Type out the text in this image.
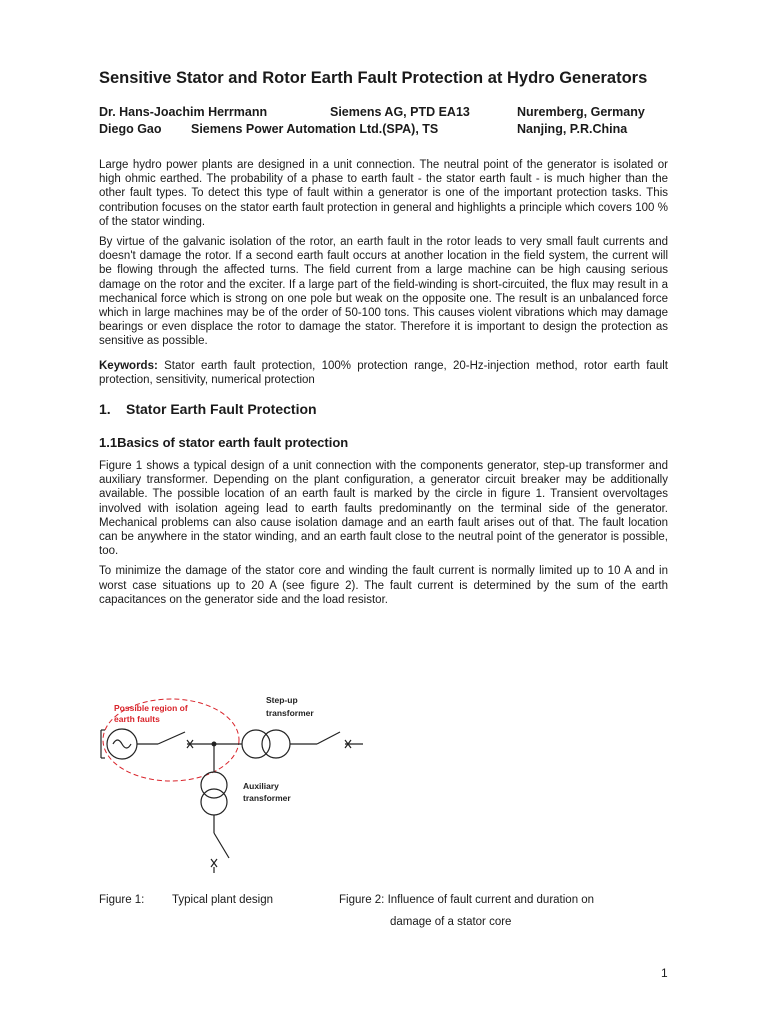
Sensitive Stator and Rotor Earth Fault Protection at Hydro Generators
Dr. Hans-Joachim Herrmann	Siemens AG, PTD EA13	Nuremberg, Germany
Diego Gao	Siemens Power Automation Ltd.(SPA), TS	Nanjing, P.R.China

Large hydro power plants are designed in a unit connection. The neutral point of the generator is isolated or high ohmic earthed. The probability of a phase to earth fault - the stator earth fault - is much higher than the other fault types. To detect this type of fault within a generator is one of the important protection tasks. This contribution focuses on the stator earth fault protection in general and highlights a principle which covers 100 % of the stator winding.

By virtue of the galvanic isolation of the rotor, an earth fault in the rotor leads to very small fault currents and doesn't damage the rotor. If a second earth fault occurs at another location in the field system, the current will be flowing through the affected turns. The field current from a large machine can be high causing serious damage on the rotor and the exciter. If a large part of the field-winding is short-circuited, the flux may result in a mechanical force which is strong on one pole but weak on the opposite one. The result is an unbalanced force which in large machines may be of the order of 50-100 tons. This causes violent vibrations which may damage bearings or even displace the rotor to damage the stator. Therefore it is important to design the protection as sensitive as possible.

Keywords: Stator earth fault protection, 100% protection range, 20-Hz-injection method, rotor earth fault protection, sensitivity, numerical protection

1. Stator Earth Fault Protection
1.1Basics of stator earth fault protection

Figure 1 shows a typical design of a unit connection with the components generator, step-up transformer and auxiliary transformer. Depending on the plant configuration, a generator circuit breaker may be additionally available. The possible location of an earth fault is marked by the circle in figure 1. Transient overvoltages involved with isolation ageing lead to earth faults predominantly on the terminal side of the generator. Mechanical problems can also cause isolation damage and an earth fault arises out of that. The fault location can be anywhere in the stator winding, and an earth fault close to the neutral point of the generator is possible, too.

To minimize the damage of the stator core and winding the fault current is normally limited up to 10 A and in worst case situations up to 20 A (see figure 2). The fault current is determined by the sum of the earth capacitances on the generator side and the load resistor.

Possible region of
earth faults
Step-up
transformer
Auxiliary
transformer
Figure 1: Typical plant design	Figure 2: Influence of fault current and duration on
damage of a stator core
1
